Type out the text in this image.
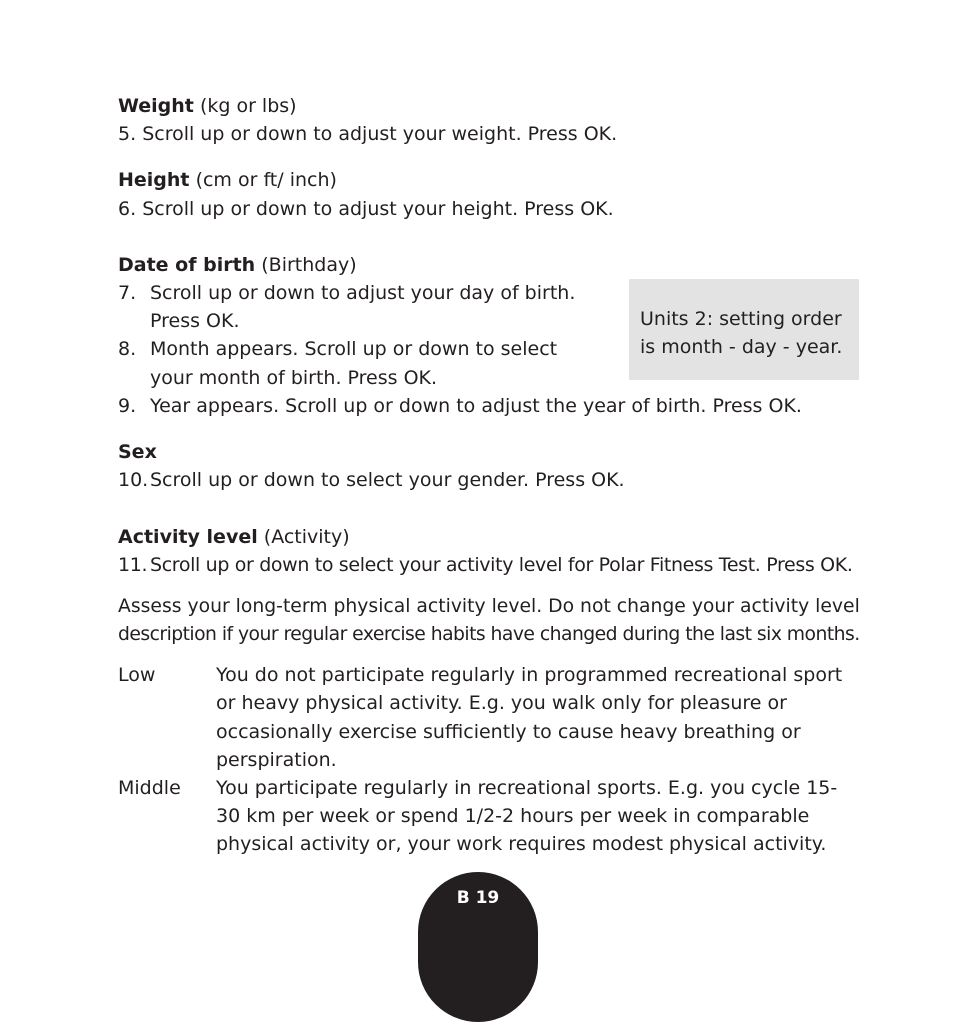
Weight (kg or lbs)
5. Scroll up or down to adjust your weight. Press OK.
Height (cm or ft/ inch)
6. Scroll up or down to adjust your height. Press OK.
Date of birth (Birthday)
7. Scroll up or down to adjust your day of birth.
Press OK.
8. Month appears. Scroll up or down to select
your month of birth. Press OK.
9. Year appears. Scroll up or down to adjust the year of birth. Press OK.
Units 2: setting order
is month - day - year.
Sex
10. Scroll up or down to select your gender. Press OK.
Activity level (Activity)
11. Scroll up or down to select your activity level for Polar Fitness Test. Press OK.
Assess your long-term physical activity level. Do not change your activity level
description if your regular exercise habits have changed during the last six months.
Low	You do not participate regularly in programmed recreational sport
or heavy physical activity. E.g. you walk only for pleasure or
occasionally exercise sufficiently to cause heavy breathing or
perspiration.
Middle You participate regularly in recreational sports. E.g. you cycle 15-
30 km per week or spend 1/2-2 hours per week in comparable
physical activity or, your work requires modest physical activity.
B 19
